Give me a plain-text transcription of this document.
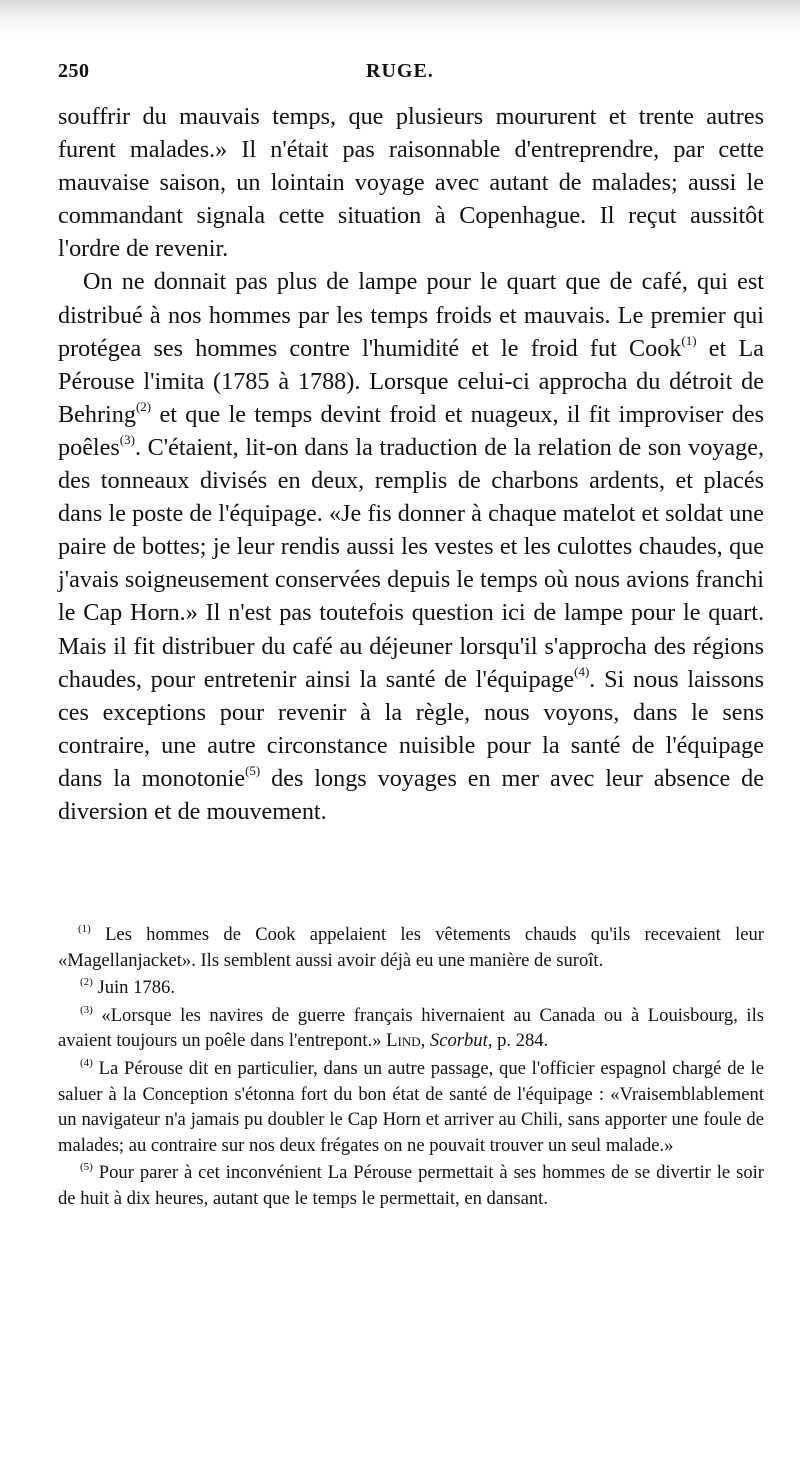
250	RUGE.

souffrir du mauvais temps, que plusieurs moururent et trente autres furent malades.» Il n'était pas raisonnable d'entreprendre, par cette mauvaise saison, un lointain voyage avec autant de malades; aussi le commandant signala cette situation à Copenhague. Il reçut aussitôt l'ordre de revenir.

On ne donnait pas plus de lampe pour le quart que de café, qui est distribué à nos hommes par les temps froids et mauvais. Le premier qui protégea ses hommes contre l'humidité et le froid fut Cook$^{(1)}$ et La Pérouse l'imita (1785 à 1788). Lorsque celui-ci approcha du détroit de Behring$^{(2)}$ et que le temps devint froid et nuageux, il fit improviser des poêles$^{(3)}$. C'étaient, lit-on dans la traduction de la relation de son voyage, des tonneaux divisés en deux, remplis de charbons ardents, et placés dans le poste de l'équipage. «Je fis donner à chaque matelot et soldat une paire de bottes; je leur rendis aussi les vestes et les culottes chaudes, que j'avais soigneusement conservées depuis le temps où nous avions franchi le Cap Horn.» Il n'est pas toutefois question ici de lampe pour le quart. Mais il fit distribuer du café au déjeuner lorsqu'il s'approcha des régions chaudes, pour entretenir ainsi la santé de l'équipage$^{(4)}$. Si nous laissons ces exceptions pour revenir à la règle, nous voyons, dans le sens contraire, une autre circonstance nuisible pour la santé de l'équipage dans la monotonie$^{(5)}$ des longs voyages en mer avec leur absence de diversion et de mouvement.

$^{(1)}$ Les hommes de Cook appelaient les vêtements chauds qu'ils recevaient leur «Magellanjacket». Ils semblent aussi avoir déjà eu une manière de suroît.

$^{(2)}$ Juin 1786.

$^{(3)}$ «Lorsque les navires de guerre français hivernaient au Canada ou à Louisbourg, ils avaient toujours un poêle dans l'entrepont.» Lind, Scorbut, p. 284.

$^{(4)}$ La Pérouse dit en particulier, dans un autre passage, que l'officier espagnol chargé de le saluer à la Conception s'étonna fort du bon état de santé de l'équipage : «Vraisemblablement un navigateur n'a jamais pu doubler le Cap Horn et arriver au Chili, sans apporter une foule de malades; au contraire sur nos deux frégates on ne pouvait trouver un seul malade.»

$^{(5)}$ Pour parer à cet inconvénient La Pérouse permettait à ses hommes de se divertir le soir de huit à dix heures, autant que le temps le permettait, en dansant.
